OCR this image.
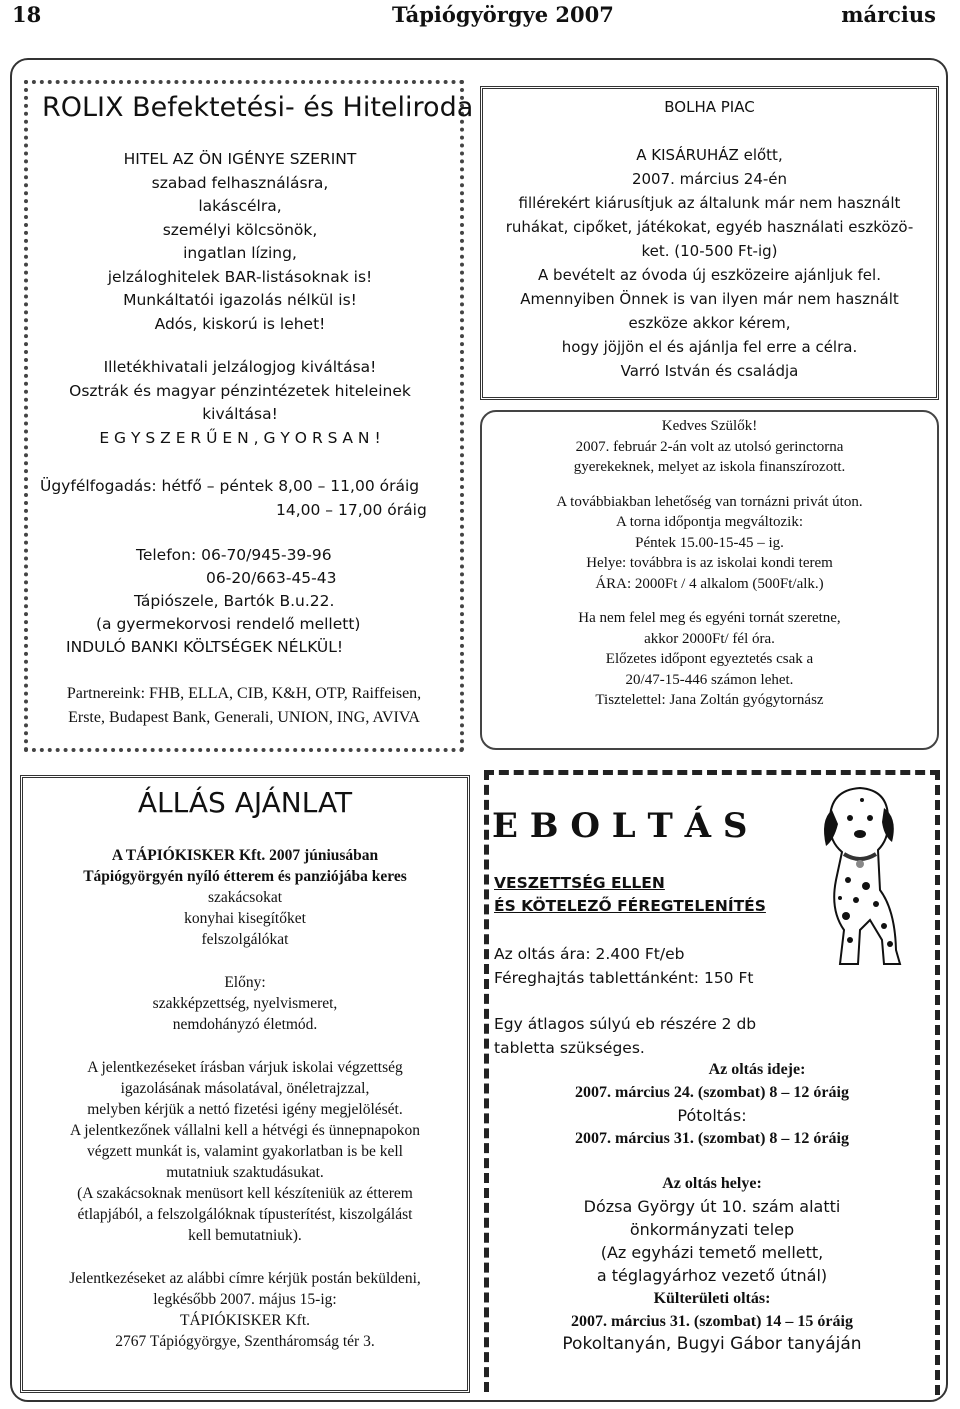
18	Tápiógyörgye 2007	március
ROLIX Befektetési- és Hiteliroda
HITEL AZ ÖN IGÉNYE SZERINT
szabad felhasználásra,
lakáscélra,
személyi kölcsönök,
ingatlan lízing,
jelzáloghitelek BAR-listásoknak is!
Munkáltatói igazolás nélkül is!
Adós, kiskorú is lehet!
Illetékhivatali jelzálogjog kiváltása!
Osztrák és magyar pénzintézetek hiteleinek
kiváltása!
E G Y S Z E R Ű E N , G Y O R S A N !
Ügyfélfogadás: hétfő – péntek 8,00 – 11,00 óráig
14,00 – 17,00 óráig
Telefon: 06-70/945-39-96
06-20/663-45-43
Tápiószele, Bartók B.u.22.
(a gyermekorvosi rendelő mellett)
INDULÓ BANKI KÖLTSÉGEK NÉLKÜL!
Partnereink: FHB, ELLA, CIB, K&H, OTP, Raiffeisen,
Erste, Budapest Bank, Generali, UNION, ING, AVIVA
BOLHA PIAC
A KISÁRUHÁZ előtt,
2007. március 24-én
fillérekért kiárusítjuk az általunk már nem használt
ruhákat, cipőket, játékokat, egyéb használati eszközö-
ket. (10-500 Ft-ig)
A bevételt az óvoda új eszközeire ajánljuk fel.
Amennyiben Önnek is van ilyen már nem használt
eszköze akkor kérem,
hogy jöjjön el és ajánlja fel erre a célra.
Varró István és családja
Kedves Szülők!
2007. február 2-án volt az utolsó gerinctorna
gyerekeknek, melyet az iskola finanszírozott.
A továbbiakban lehetőség van tornázni privát úton.
A torna időpontja megváltozik:
Péntek 15.00-15-45 – ig.
Helye: továbbra is az iskolai kondi terem
ÁRA: 2000Ft / 4 alkalom (500Ft/alk.)
Ha nem felel meg és egyéni tornát szeretne,
akkor 2000Ft/ fél óra.
Előzetes időpont egyeztetés csak a
20/47-15-446 számon lehet.
Tisztelettel: Jana Zoltán gyógytornász
ÁLLÁS AJÁNLAT
A TÁPIÓKISKER Kft. 2007 júniusában
Tápiógyörgyén nyíló étterem és panziójába keres
szakácsokat
konyhai kisegítőket
felszolgálókat
Előny:
szakképzettség, nyelvismeret,
nemdohányzó életmód.
A jelentkezéseket írásban várjuk iskolai végzettség
igazolásának másolatával, önéletrajzzal,
melyben kérjük a nettó fizetési igény megjelölését.
A jelentkezőnek vállalni kell a hétvégi és ünnepnapokon
végzett munkát is, valamint gyakorlatban is be kell
mutatniuk szaktudásukat.
(A szakácsoknak menüsort kell készíteniük az étterem
étlapjából, a felszolgálóknak típusterítést, kiszolgálást
kell bemutatniuk).
Jelentkezéseket az alábbi címre kérjük postán beküldeni,
legkésőbb 2007. május 15-ig:
TÁPIÓKISKER Kft.
2767 Tápiógyörgye, Szentháromság tér 3.
E B O L T Á S
VESZETTSÉG ELLEN
ÉS KÖTELEZŐ FÉREGTELENÍTÉS
Az oltás ára: 2.400 Ft/eb
Féreghajtás tablettánként: 150 Ft
Egy átlagos súlyú eb részére 2 db
tabletta szükséges.
Az oltás ideje:
2007. március 24. (szombat) 8 – 12 óráig
Pótoltás:
2007. március 31. (szombat) 8 – 12 óráig
Az oltás helye:
Dózsa György út 10. szám alatti
önkormányzati telep
(Az egyházi temető mellett,
a téglagyárhoz vezető útnál)
Külterületi oltás:
2007. március 31. (szombat) 14 – 15 óráig
Pokoltanyán, Bugyi Gábor tanyáján
